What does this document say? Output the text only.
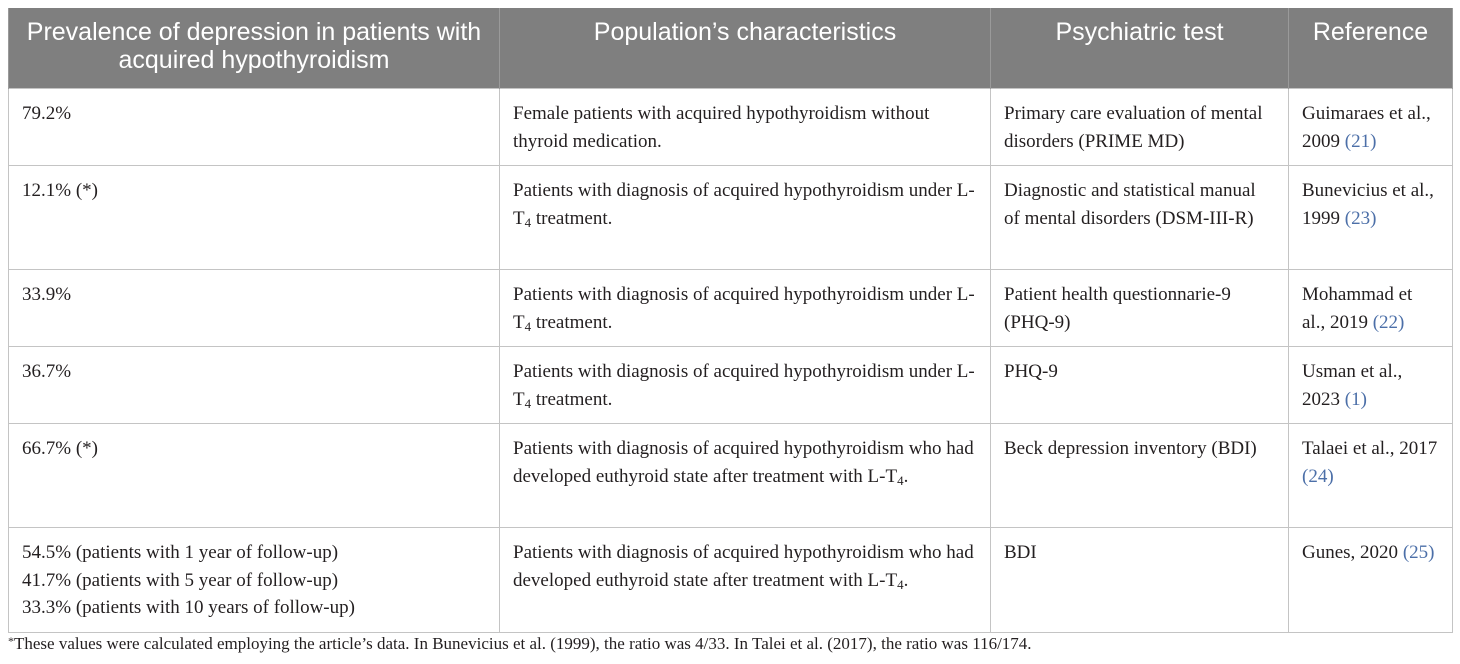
Prevalence of depression in patients with acquired hypothyroidism	Population’s characteristics	Psychiatric test	Reference

79.2%	Female patients with acquired hypothyroidism without thyroid medication.	Primary care evaluation of mental disorders (PRIME MD)	Guimaraes et al., 2009 (21)

12.1% (*)	Patients with diagnosis of acquired hypothyroidism under $L-T_4$ treatment.	Diagnostic and statistical manual of mental disorders (DSM-III-R)	Bunevicius et al., 1999 (23)

33.9%	Patients with diagnosis of acquired hypothyroidism under $L-T_4$ treatment.	Patient health questionnarie-9 (PHQ-9)	Mohammad et al., 2019 (22)

36.7%	Patients with diagnosis of acquired hypothyroidism under $L-T_4$ treatment.	PHQ-9	Usman et al., 2023 (1)

66.7% (*)	Patients with diagnosis of acquired hypothyroidism who had developed euthyroid state after treatment with $L-T_4$.	Beck depression inventory (BDI)	Talaei et al., 2017 (24)

54.5% (patients with 1 year of follow-up)
41.7% (patients with 5 year of follow-up)
33.3% (patients with 10 years of follow-up)	Patients with diagnosis of acquired hypothyroidism who had developed euthyroid state after treatment with $L-T_4$.	BDI	Gunes, 2020 (25)
*These values were calculated employing the article’s data. In Bunevicius et al. (1999), the ratio was 4/33. In Talei et al. (2017), the ratio was 116/174.
